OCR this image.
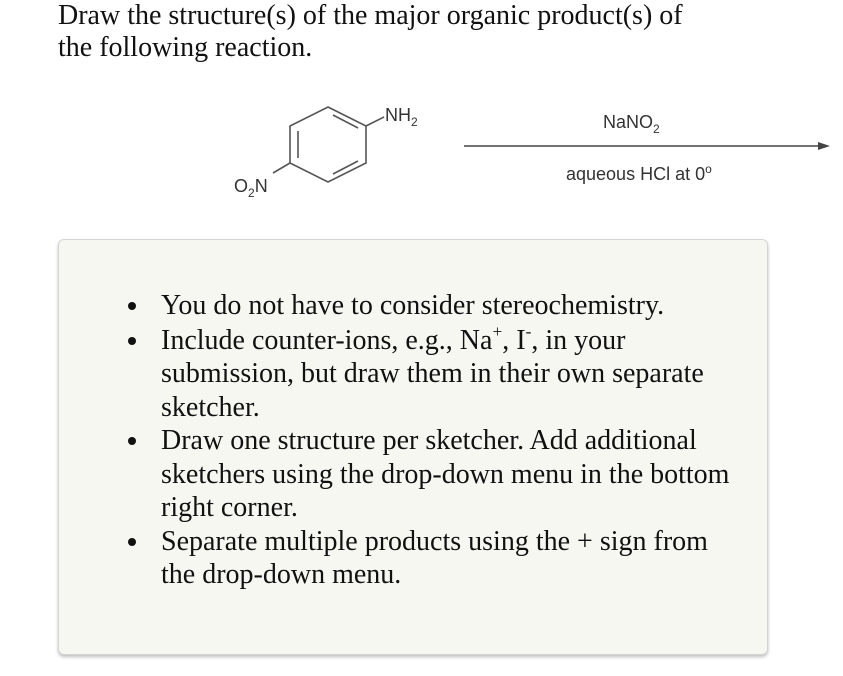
Draw the structure(s) of the major organic product(s) of
the following reaction.
$NH_2$
$O_2N$
NaNO$_2$
aqueous HCl at 0$^o$
You do not have to consider stereochemistry.
Include counter-ions, e.g., Na+, I-, in your submission, but draw them in their own separate sketcher.
Draw one structure per sketcher. Add additional sketchers using the drop-down menu in the bottom right corner.
Separate multiple products using the + sign from the drop-down menu.
